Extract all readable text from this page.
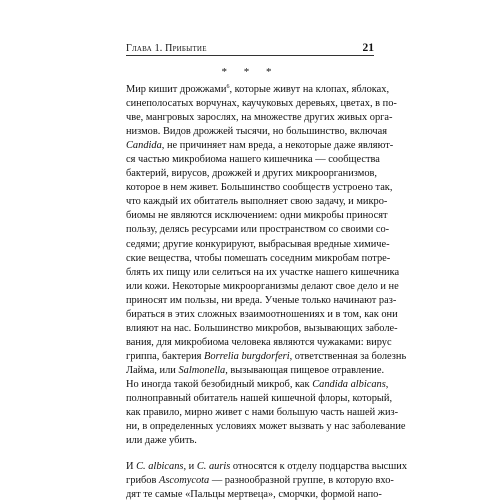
Глава 1. Прибытие	21
* * *
Мир кишит дрожжами$^6$, которые живут на клопах, яблоках,
синеполосатых ворчунах, каучуковых деревьях, цветах, в по-
чве, мангровых зарослях, на множестве других живых орга-
низмов. Видов дрожжей тысячи, но большинство, включая
Candida, не причиняет нам вреда, а некоторые даже являют-
ся частью микробиома нашего кишечника — сообщества
бактерий, вирусов, дрожжей и других микроорганизмов,
которое в нем живет. Большинство сообществ устроено так,
что каждый их обитатель выполняет свою задачу, и микро-
биомы не являются исключением: одни микробы приносят
пользу, делясь ресурсами или пространством со своими со-
седями; другие конкурируют, выбрасывая вредные химиче-
ские вещества, чтобы помешать соседним микробам потре-
блять их пищу или селиться на их участке нашего кишечника
или кожи. Некоторые микроорганизмы делают свое дело и не
приносят им пользы, ни вреда. Ученые только начинают раз-
бираться в этих сложных взаимоотношениях и в том, как они
влияют на нас. Большинство микробов, вызывающих заболе-
вания, для микробиома человека являются чужаками: вирус
гриппа, бактерия Borrelia burgdorferi, ответственная за болезнь
Лайма, или Salmonella, вызывающая пищевое отравление.
Но иногда такой безобидный микроб, как Candida albicans,
полноправный обитатель нашей кишечной флоры, который,
как правило, мирно живет с нами большую часть нашей жиз-
ни, в определенных условиях может вызвать у нас заболевание
или даже убить.
И C. albicans, и C. auris относятся к отделу подцарства высших
грибов Ascomycota — разнообразной группе, в которую вхо-
дят те самые «Пальцы мертвеца», сморчки, формой напо-
